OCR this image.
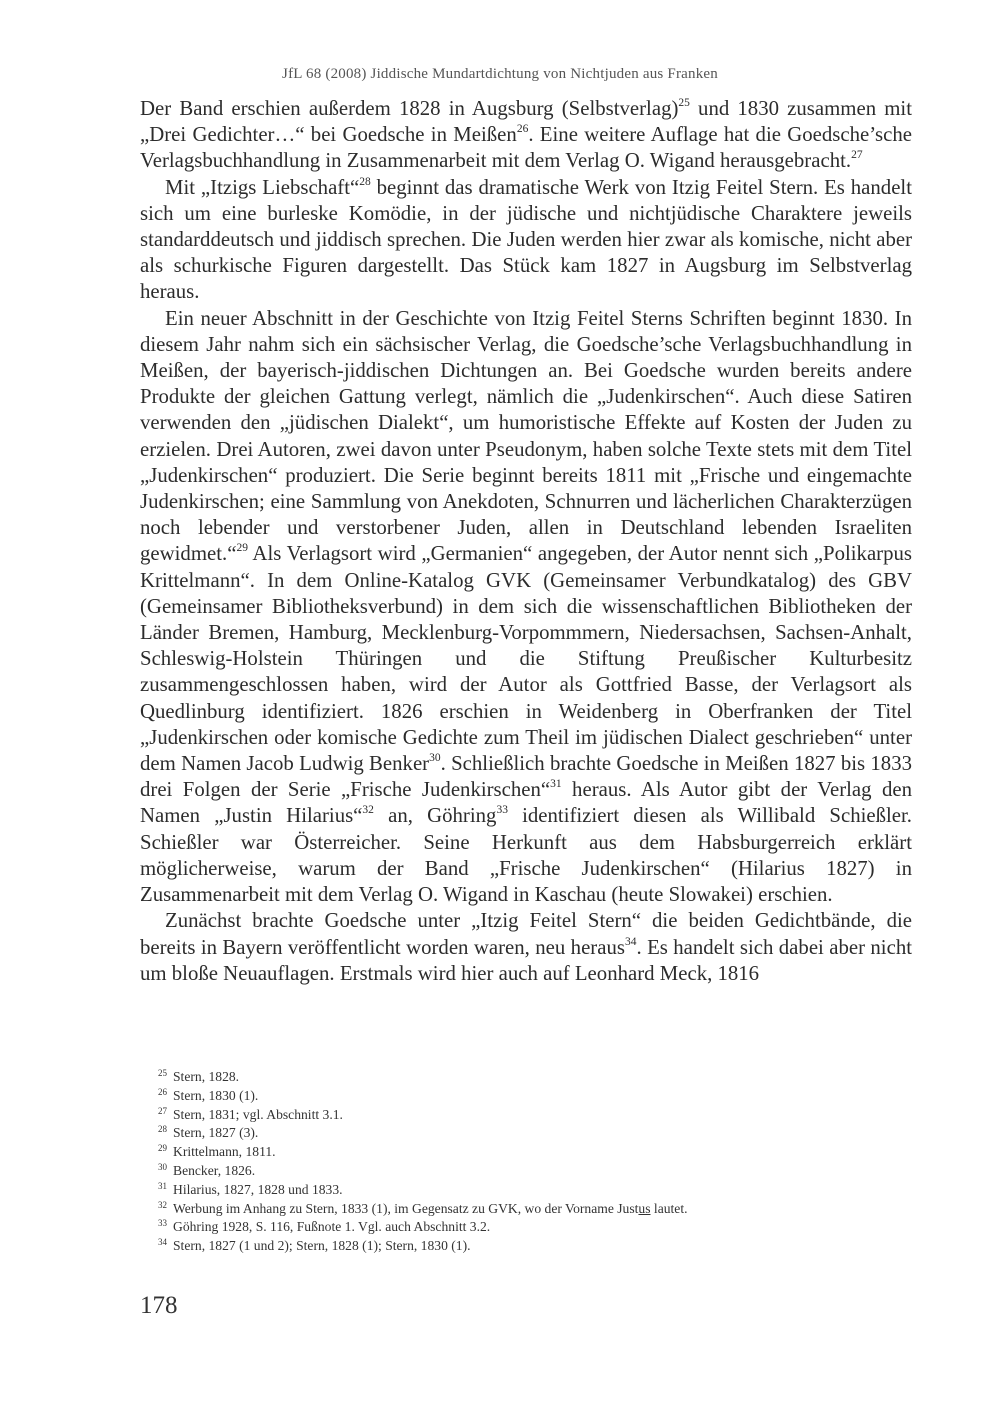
JfL 68 (2008) Jiddische Mundartdichtung von Nichtjuden aus Franken

Der Band erschien außerdem 1828 in Augsburg (Selbstverlag)$^{25}$ und 1830 zusammen mit „Drei Gedichter…“ bei Goedsche in Meißen$^{26}$. Eine weitere Auflage hat die Goedsche’sche Verlagsbuchhandlung in Zusammenarbeit mit dem Verlag O. Wigand herausgebracht.$^{27}$

Mit „Itzigs Liebschaft“$^{28}$ beginnt das dramatische Werk von Itzig Feitel Stern. Es handelt sich um eine burleske Komödie, in der jüdische und nichtjüdische Charaktere jeweils standarddeutsch und jiddisch sprechen. Die Juden werden hier zwar als komische, nicht aber als schurkische Figuren dargestellt. Das Stück kam 1827 in Augsburg im Selbstverlag heraus.

Ein neuer Abschnitt in der Geschichte von Itzig Feitel Sterns Schriften beginnt 1830. In diesem Jahr nahm sich ein sächsischer Verlag, die Goedsche’sche Verlagsbuchhandlung in Meißen, der bayerisch-jiddischen Dichtungen an. Bei Goedsche wurden bereits andere Produkte der gleichen Gattung verlegt, nämlich die „Judenkirschen“. Auch diese Satiren verwenden den „jüdischen Dialekt“, um humoristische Effekte auf Kosten der Juden zu erzielen. Drei Autoren, zwei davon unter Pseudonym, haben solche Texte stets mit dem Titel „Judenkirschen“ produziert. Die Serie beginnt bereits 1811 mit „Frische und eingemachte Judenkirschen; eine Sammlung von Anekdoten, Schnurren und lächerlichen Charakterzügen noch lebender und verstorbener Juden, allen in Deutschland lebenden Israeliten gewidmet.“$^{29}$ Als Verlagsort wird „Germanien“ angegeben, der Autor nennt sich „Polikarpus Krittelmann“. In dem Online-Katalog GVK (Gemeinsamer Verbundkatalog) des GBV (Gemeinsamer Bibliotheksverbund) in dem sich die wissenschaftlichen Bibliotheken der Länder Bremen, Hamburg, Mecklenburg-Vorpommmern, Niedersachsen, Sachsen-Anhalt, Schleswig-Holstein Thüringen und die Stiftung Preußischer Kulturbesitz zusammengeschlossen haben, wird der Autor als Gottfried Basse, der Verlagsort als Quedlinburg identifiziert. 1826 erschien in Weidenberg in Oberfranken der Titel „Judenkirschen oder komische Gedichte zum Theil im jüdischen Dialect geschrieben“ unter dem Namen Jacob Ludwig Benker$^{30}$. Schließlich brachte Goedsche in Meißen 1827 bis 1833 drei Folgen der Serie „Frische Judenkirschen“$^{31}$ heraus. Als Autor gibt der Verlag den Namen „Justin Hilarius“$^{32}$ an, Göhring$^{33}$ identifiziert diesen als Willibald Schießler. Schießler war Österreicher. Seine Herkunft aus dem Habsburgerreich erklärt möglicherweise, warum der Band „Frische Judenkirschen“ (Hilarius 1827) in Zusammenarbeit mit dem Verlag O. Wigand in Kaschau (heute Slowakei) erschien.

Zunächst brachte Goedsche unter „Itzig Feitel Stern“ die beiden Gedichtbände, die bereits in Bayern veröffentlicht worden waren, neu heraus$^{34}$. Es handelt sich dabei aber nicht um bloße Neuauflagen. Erstmals wird hier auch auf Leonhard Meck, 1816

$^{25}$ Stern, 1828.
$^{26}$ Stern, 1830 (1).
$^{27}$ Stern, 1831; vgl. Abschnitt 3.1.
$^{28}$ Stern, 1827 (3).
$^{29}$ Krittelmann, 1811.
$^{30}$ Bencker, 1826.
$^{31}$ Hilarius, 1827, 1828 und 1833.
$^{32}$ Werbung im Anhang zu Stern, 1833 (1), im Gegensatz zu GVK, wo der Vorname Justus lautet.
$^{33}$ Göhring 1928, S. 116, Fußnote 1. Vgl. auch Abschnitt 3.2.
$^{34}$ Stern, 1827 (1 und 2); Stern, 1828 (1); Stern, 1830 (1).
178
